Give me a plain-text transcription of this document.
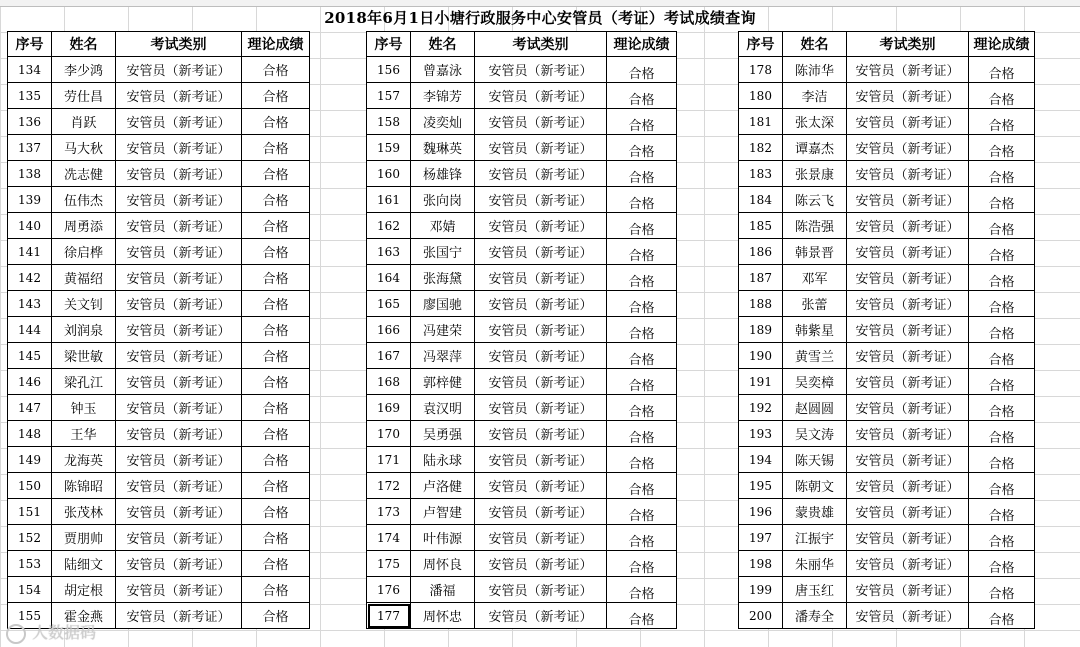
2018年6月1日小塘行政服务中心安管员（考证）考试成绩查询
序号	姓名	考试类别	理论成绩
134	李少鸿	安管员（新考证）	合格
135	劳仕昌	安管员（新考证）	合格
136	肖跃	安管员（新考证）	合格
137	马大秋	安管员（新考证）	合格
138	冼志健	安管员（新考证）	合格
139	伍伟杰	安管员（新考证）	合格
140	周勇添	安管员（新考证）	合格
141	徐启桦	安管员（新考证）	合格
142	黄福绍	安管员（新考证）	合格
143	关文钊	安管员（新考证）	合格
144	刘润泉	安管员（新考证）	合格
145	梁世敏	安管员（新考证）	合格
146	梁孔江	安管员（新考证）	合格
147	钟玉	安管员（新考证）	合格
148	王华	安管员（新考证）	合格
149	龙海英	安管员（新考证）	合格
150	陈锦昭	安管员（新考证）	合格
151	张茂林	安管员（新考证）	合格
152	贾朋帅	安管员（新考证）	合格
153	陆细文	安管员（新考证）	合格
154	胡定根	安管员（新考证）	合格
155	霍金燕	安管员（新考证）	合格
序号	姓名	考试类别	理论成绩
156	曾嘉泳	安管员（新考证）	合格
157	李锦芳	安管员（新考证）	合格
158	凌奕灿	安管员（新考证）	合格
159	魏琳英	安管员（新考证）	合格
160	杨雄锋	安管员（新考证）	合格
161	张向岗	安管员（新考证）	合格
162	邓婧	安管员（新考证）	合格
163	张国宁	安管员（新考证）	合格
164	张海黛	安管员（新考证）	合格
165	廖国驰	安管员（新考证）	合格
166	冯建荣	安管员（新考证）	合格
167	冯翠萍	安管员（新考证）	合格
168	郭梓健	安管员（新考证）	合格
169	袁汉明	安管员（新考证）	合格
170	吴勇强	安管员（新考证）	合格
171	陆永球	安管员（新考证）	合格
172	卢洛健	安管员（新考证）	合格
173	卢智建	安管员（新考证）	合格
174	叶伟源	安管员（新考证）	合格
175	周怀良	安管员（新考证）	合格
176	潘福	安管员（新考证）	合格
177	周怀忠	安管员（新考证）	合格
序号	姓名	考试类别	理论成绩
178	陈沛华	安管员（新考证）	合格
180	李洁	安管员（新考证）	合格
181	张太深	安管员（新考证）	合格
182	谭嘉杰	安管员（新考证）	合格
183	张景康	安管员（新考证）	合格
184	陈云飞	安管员（新考证）	合格
185	陈浩强	安管员（新考证）	合格
186	韩景晋	安管员（新考证）	合格
187	邓军	安管员（新考证）	合格
188	张蕾	安管员（新考证）	合格
189	韩紫星	安管员（新考证）	合格
190	黄雪兰	安管员（新考证）	合格
191	吴奕樟	安管员（新考证）	合格
192	赵圆圆	安管员（新考证）	合格
193	吴文涛	安管员（新考证）	合格
194	陈天锡	安管员（新考证）	合格
195	陈朝文	安管员（新考证）	合格
196	蒙贵雄	安管员（新考证）	合格
197	江振宇	安管员（新考证）	合格
198	朱丽华	安管员（新考证）	合格
199	唐玉红	安管员（新考证）	合格
200	潘寿全	安管员（新考证）	合格
人数据码
